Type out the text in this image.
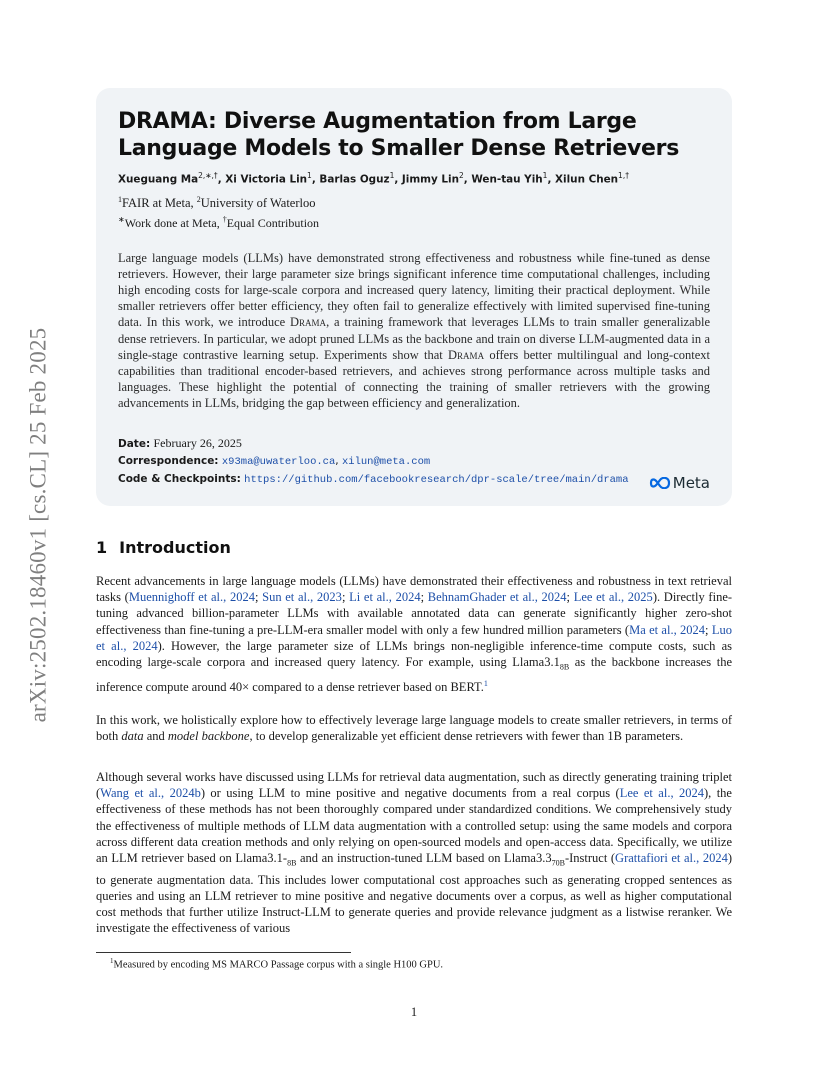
arXiv:2502.18460v1 [cs.CL] 25 Feb 2025
DRAMA: Diverse Augmentation from Large Language Models to Smaller Dense Retrievers
Xueguang $Ma^{2,∗,\dagger}$, Xi Victoria Lin$^1$, Barlas Oguz$^1$, Jimmy Lin$^2$, Wen-tau Yih$^1$, Xilun Chen$^{1,\dagger}$
$^1$FAIR at Meta, $^2$University of Waterloo
∗Work done at Meta, †Equal Contribution

Large language models (LLMs) have demonstrated strong effectiveness and robustness while fine-tuned as dense retrievers. However, their large parameter size brings significant inference time computational challenges, including high encoding costs for large-scale corpora and increased query latency, limiting their practical deployment. While smaller retrievers offer better efficiency, they often fail to generalize effectively with limited supervised fine-tuning data. In this work, we introduce Drama, a training framework that leverages LLMs to train smaller generalizable dense retrievers. In particular, we adopt pruned LLMs as the backbone and train on diverse LLM-augmented data in a single-stage contrastive learning setup. Experiments show that Drama offers better multilingual and long-context capabilities than traditional encoder-based retrievers, and achieves strong performance across multiple tasks and languages. These highlight the potential of connecting the training of smaller retrievers with the growing advancements in LLMs, bridging the gap between efficiency and generalization.

Date: February 26, 2025
Correspondence: x93ma@uwaterloo.ca, xilun@meta.com
Code & Checkpoints: https://github.com/facebookresearch/dpr-scale/tree/main/drama	Meta
1 Introduction

Recent advancements in large language models (LLMs) have demonstrated their effectiveness and robustness in text retrieval tasks (Muennighoff et al., 2024; Sun et al., 2023; Li et al., 2024; BehnamGhader et al., 2024; Lee et al., 2025). Directly fine-tuning advanced billion-parameter LLMs with available annotated data can generate significantly higher zero-shot effectiveness than fine-tuning a pre-LLM-era smaller model with only a few hundred million parameters (Ma et al., 2024; Luo et al., 2024). However, the large parameter size of LLMs brings non-negligible inference-time compute costs, such as encoding large-scale corpora and increased query latency. For example, using $Llama3.1_{8B}$ as the backbone increases the inference compute around 40× compared to a dense retriever based on BERT.$^1$

In this work, we holistically explore how to effectively leverage large language models to create smaller retrievers, in terms of both data and model backbone, to develop generalizable yet efficient dense retrievers with fewer than 1B parameters.

Although several works have discussed using LLMs for retrieval data augmentation, such as directly generating training triplet (Wang et al., 2024b) or using LLM to mine positive and negative documents from a real corpus (Lee et al., 2024), the effectiveness of these methods has not been thoroughly compared under standardized conditions. We comprehensively study the effectiveness of multiple methods of LLM data augmentation with a controlled setup: using the same models and corpora across different data creation methods and only relying on open-sourced models and open-access data. Specifically, we utilize an LLM retriever based on $Llama3.1-_{8B}$ and an instruction-tuned LLM based on $Llama3.3_{70B}$-Instruct (Grattafiori et al., 2024) to generate augmentation data. This includes lower computational cost approaches such as generating cropped sentences as queries and using an LLM retriever to mine positive and negative documents over a corpus, as well as higher computational cost methods that further utilize Instruct-LLM to generate queries and provide relevance judgment as a listwise reranker. We investigate the effectiveness of various

$^1$Measured by encoding MS MARCO Passage corpus with a single H100 GPU.
1
